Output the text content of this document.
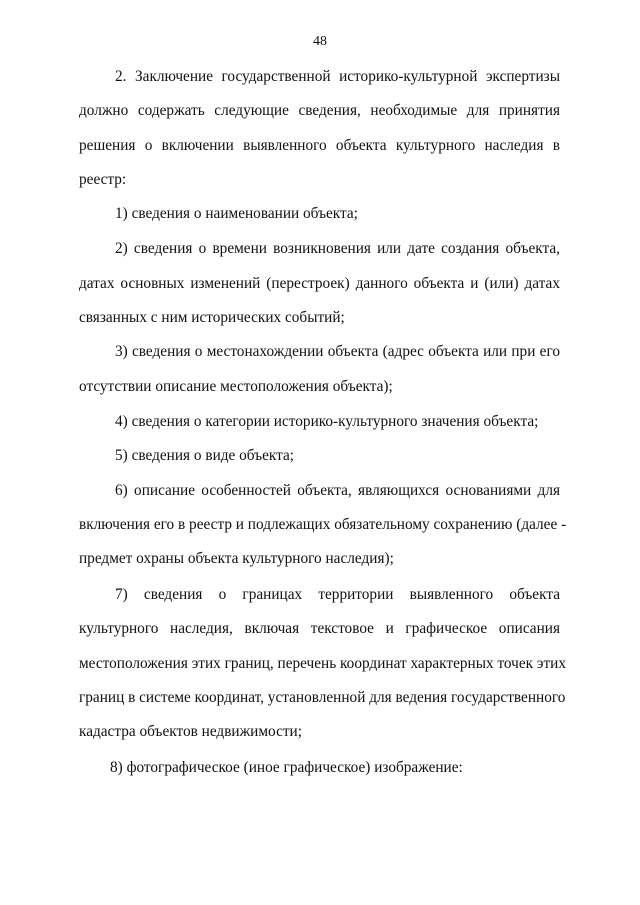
48
2. Заключение государственной историко-культурной экспертизы
должно содержать следующие сведения, необходимые для принятия
решения о включении выявленного объекта культурного наследия в
реестр:
1) сведения о наименовании объекта;
2) сведения о времени возникновения или дате создания объекта,
датах основных изменений (перестроек) данного объекта и (или) датах
связанных с ним исторических событий;
3) сведения о местонахождении объекта (адрес объекта или при его
отсутствии описание местоположения объекта);
4) сведения о категории историко-культурного значения объекта;
5) сведения о виде объекта;
6) описание особенностей объекта, являющихся основаниями для
включения его в реестр и подлежащих обязательному сохранению (далее -
предмет охраны объекта культурного наследия);
7) сведения о границах территории выявленного объекта
культурного наследия, включая текстовое и графическое описания
местоположения этих границ, перечень координат характерных точек этих
границ в системе координат, установленной для ведения государственного
кадастра объектов недвижимости;
8) фотографическое (иное графическое) изображение:
